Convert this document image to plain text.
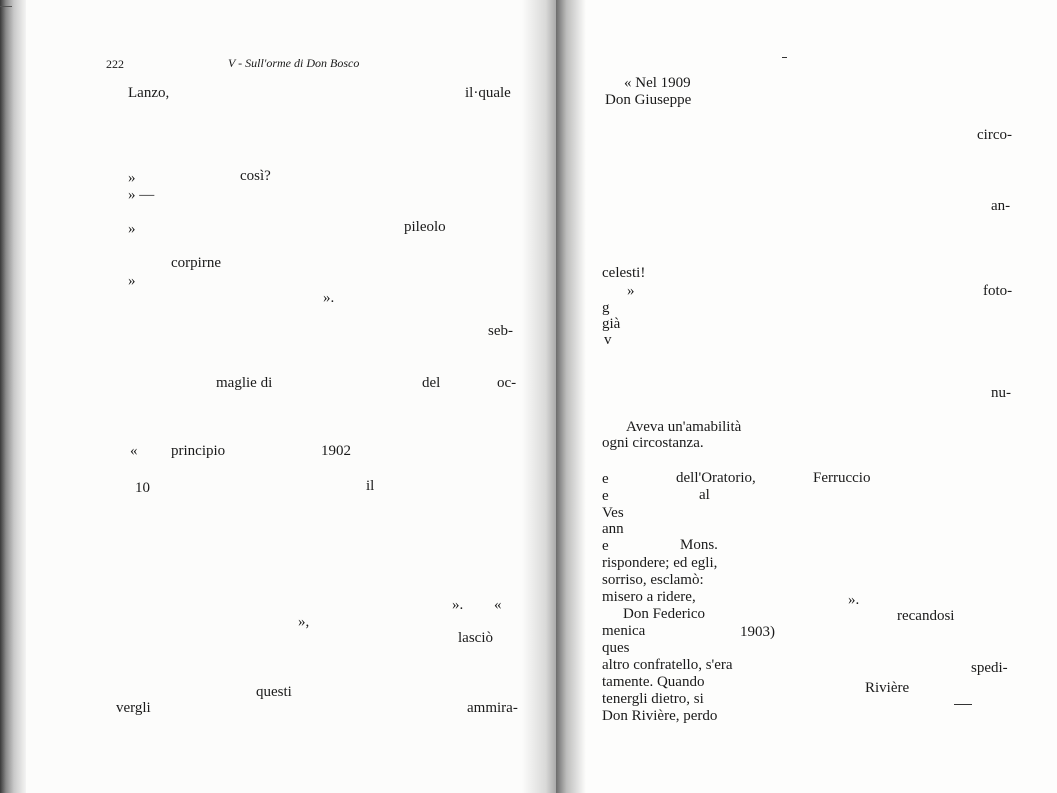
222	V - Sull'orme di Don Bosco
Lanzo,	il·quale
»	così?
» —
»	pileolo
corpirne
»
».
seb-
maglie di	del	oc-
« principio	1902
10	il
». «
»,
lasciò
questi
vergli	ammira-
« Nel 1909
Don Giuseppe
circo-
an-
celesti!
»	foto-
g
già
v
nu-
Aveva un'amabilità
ogni circostanza.
e	dell'Oratorio,	Ferruccio
e	al
Ves
ann
e	Mons.
rispondere; ed egli,
sorriso, esclamò:
misero a ridere,	».
Don Federico	recandosi
menica	1903)
ques
altro confratello, s'era	spedi-
tamente. Quando
tenergli dietro, si
Rivière
Don Rivière, perdo
